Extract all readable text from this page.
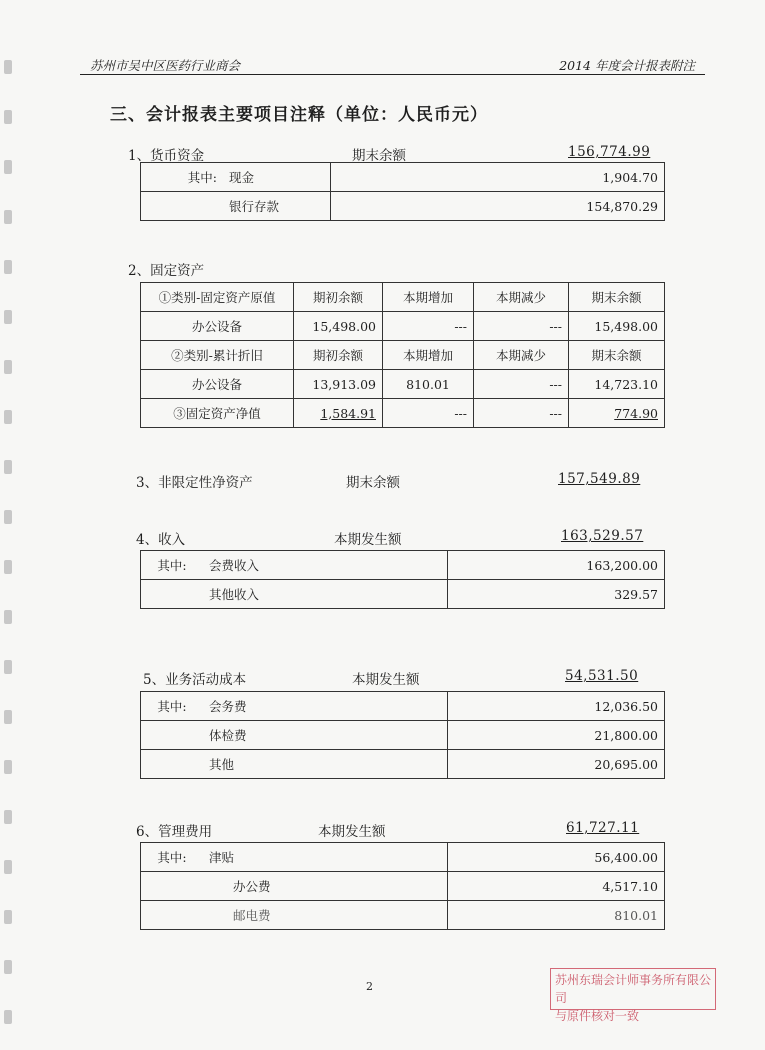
苏州市吴中区医药行业商会	2014 年度会计报表附注
三、会计报表主要项目注释（单位：人民币元）
1、货币资金	期末余额	156,774.99
其中:	现金	1,904.70
	银行存款	154,870.29
2、固定资产
①类别-固定资产原值	期初余额	本期增加	本期减少	期末余额
办公设备	15,498.00	---	---	15,498.00
②类别-累计折旧	期初余额	本期增加	本期减少	期末余额
办公设备	13,913.09	810.01	---	14,723.10
③固定资产净值	1,584.91	---	---	774.90
3、非限定性净资产	期末余额	157,549.89
4、收入	本期发生额	163,529.57
其中:	会费收入	163,200.00
	其他收入	329.57
5、业务活动成本	本期发生额	54,531.50
其中:	会务费	12,036.50
	体检费	21,800.00
	其他	20,695.00
6、管理费用	本期发生额	61,727.11
其中:	津贴	56,400.00
	办公费	4,517.10
	邮电费	810.01
2	苏州东瑞会计师事务所有限公司
与原件核对一致
